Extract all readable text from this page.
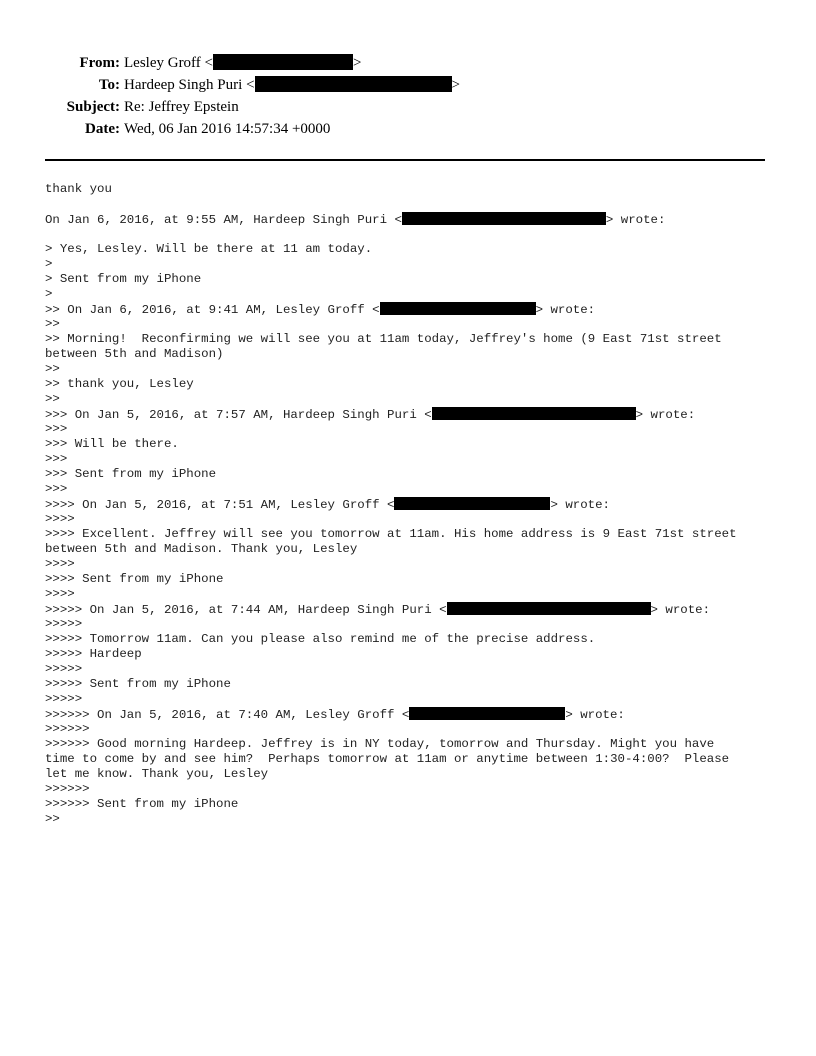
From: Lesley Groff <	>
To: Hardeep Singh Puri <	>
Subject: Re: Jeffrey Epstein
Date: Wed, 06 Jan 2016 14:57:34 +0000
thank you
On Jan 6, 2016, at 9:55 AM, Hardeep Singh Puri <	> wrote:
> Yes, Lesley. Will be there at 11 am today.
>
> Sent from my iPhone
>
>> On Jan 6, 2016, at 9:41 AM, Lesley Groff <	> wrote:
>>
>> Morning!  Reconfirming we will see you at 11am today, Jeffrey's home (9 East 71st street
between 5th and Madison)
>>
>> thank you, Lesley
>>
>>> On Jan 5, 2016, at 7:57 AM, Hardeep Singh Puri <	> wrote:
>>>
>>> Will be there.
>>>
>>> Sent from my iPhone
>>>
>>>> On Jan 5, 2016, at 7:51 AM, Lesley Groff <	> wrote:
>>>>
>>>> Excellent. Jeffrey will see you tomorrow at 11am. His home address is 9 East 71st street
between 5th and Madison. Thank you, Lesley
>>>>
>>>> Sent from my iPhone
>>>>
>>>>> On Jan 5, 2016, at 7:44 AM, Hardeep Singh Puri <	> wrote:
>>>>>
>>>>> Tomorrow 11am. Can you please also remind me of the precise address.
>>>>> Hardeep
>>>>>
>>>>> Sent from my iPhone
>>>>>
>>>>>> On Jan 5, 2016, at 7:40 AM, Lesley Groff <	> wrote:
>>>>>>
>>>>>> Good morning Hardeep. Jeffrey is in NY today, tomorrow and Thursday. Might you have
time to come by and see him?  Perhaps tomorrow at 11am or anytime between 1:30-4:00?  Please
let me know. Thank you, Lesley
>>>>>>
>>>>>> Sent from my iPhone
>>
